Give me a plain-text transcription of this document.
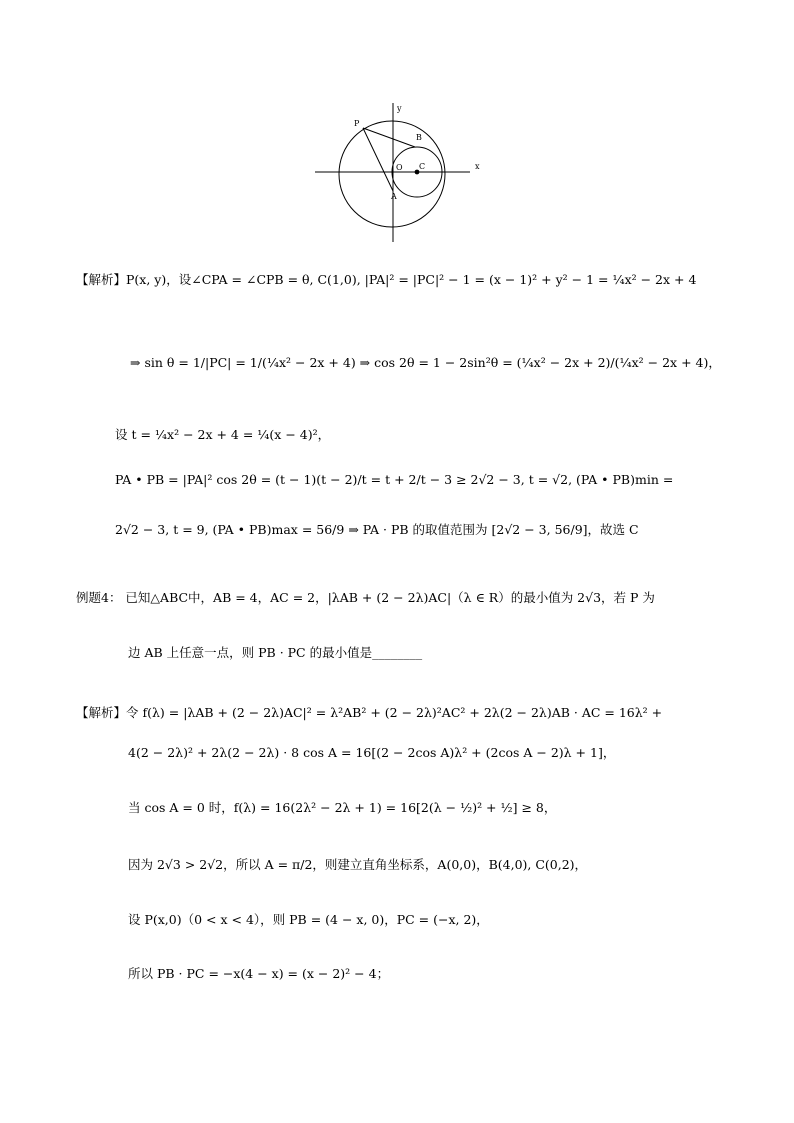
y
x
P
B
O C
A
【解析】P(x, y)，设∠CPA = ∠CPB = θ, C(1,0), |PA|² = |PC|² − 1 = (x − 1)² + y² − 1 = ¼x² − 2x + 4
⇒ sin θ = 1/|PC| = 1/(¼x² − 2x + 4) ⇒ cos 2θ = 1 − 2sin²θ = (¼x² − 2x + 2)/(¼x² − 2x + 4)，
设 t = ¼x² − 2x + 4 = ¼(x − 4)²，
PA • PB = |PA|² cos 2θ = (t − 1)(t − 2)/t = t + 2/t − 3 ≥ 2√2 − 3, t = √2, (PA • PB)min =
2√2 − 3, t = 9, (PA • PB)max = 56/9 ⇒ PA · PB 的取值范围为 [2√2 − 3, 56/9]，故选 C
例题4： 已知△ABC中，AB = 4，AC = 2，|λAB + (2 − 2λ)AC|（λ ∈ R）的最小值为 2√3，若 P 为
边 AB 上任意一点，则 PB · PC 的最小值是________
【解析】令 f(λ) = |λAB + (2 − 2λ)AC|² = λ²AB² + (2 − 2λ)²AC² + 2λ(2 − 2λ)AB · AC = 16λ² +
4(2 − 2λ)² + 2λ(2 − 2λ) · 8 cos A = 16[(2 − 2cos A)λ² + (2cos A − 2)λ + 1]，
当 cos A = 0 时，f(λ) = 16(2λ² − 2λ + 1) = 16[2(λ − ½)² + ½] ≥ 8，
因为 2√3 > 2√2，所以 A = π/2，则建立直角坐标系，A(0,0)，B(4,0), C(0,2)，
设 P(x,0)（0 < x < 4），则 PB = (4 − x, 0)，PC = (−x, 2)，
所以 PB · PC = −x(4 − x) = (x − 2)² − 4；
